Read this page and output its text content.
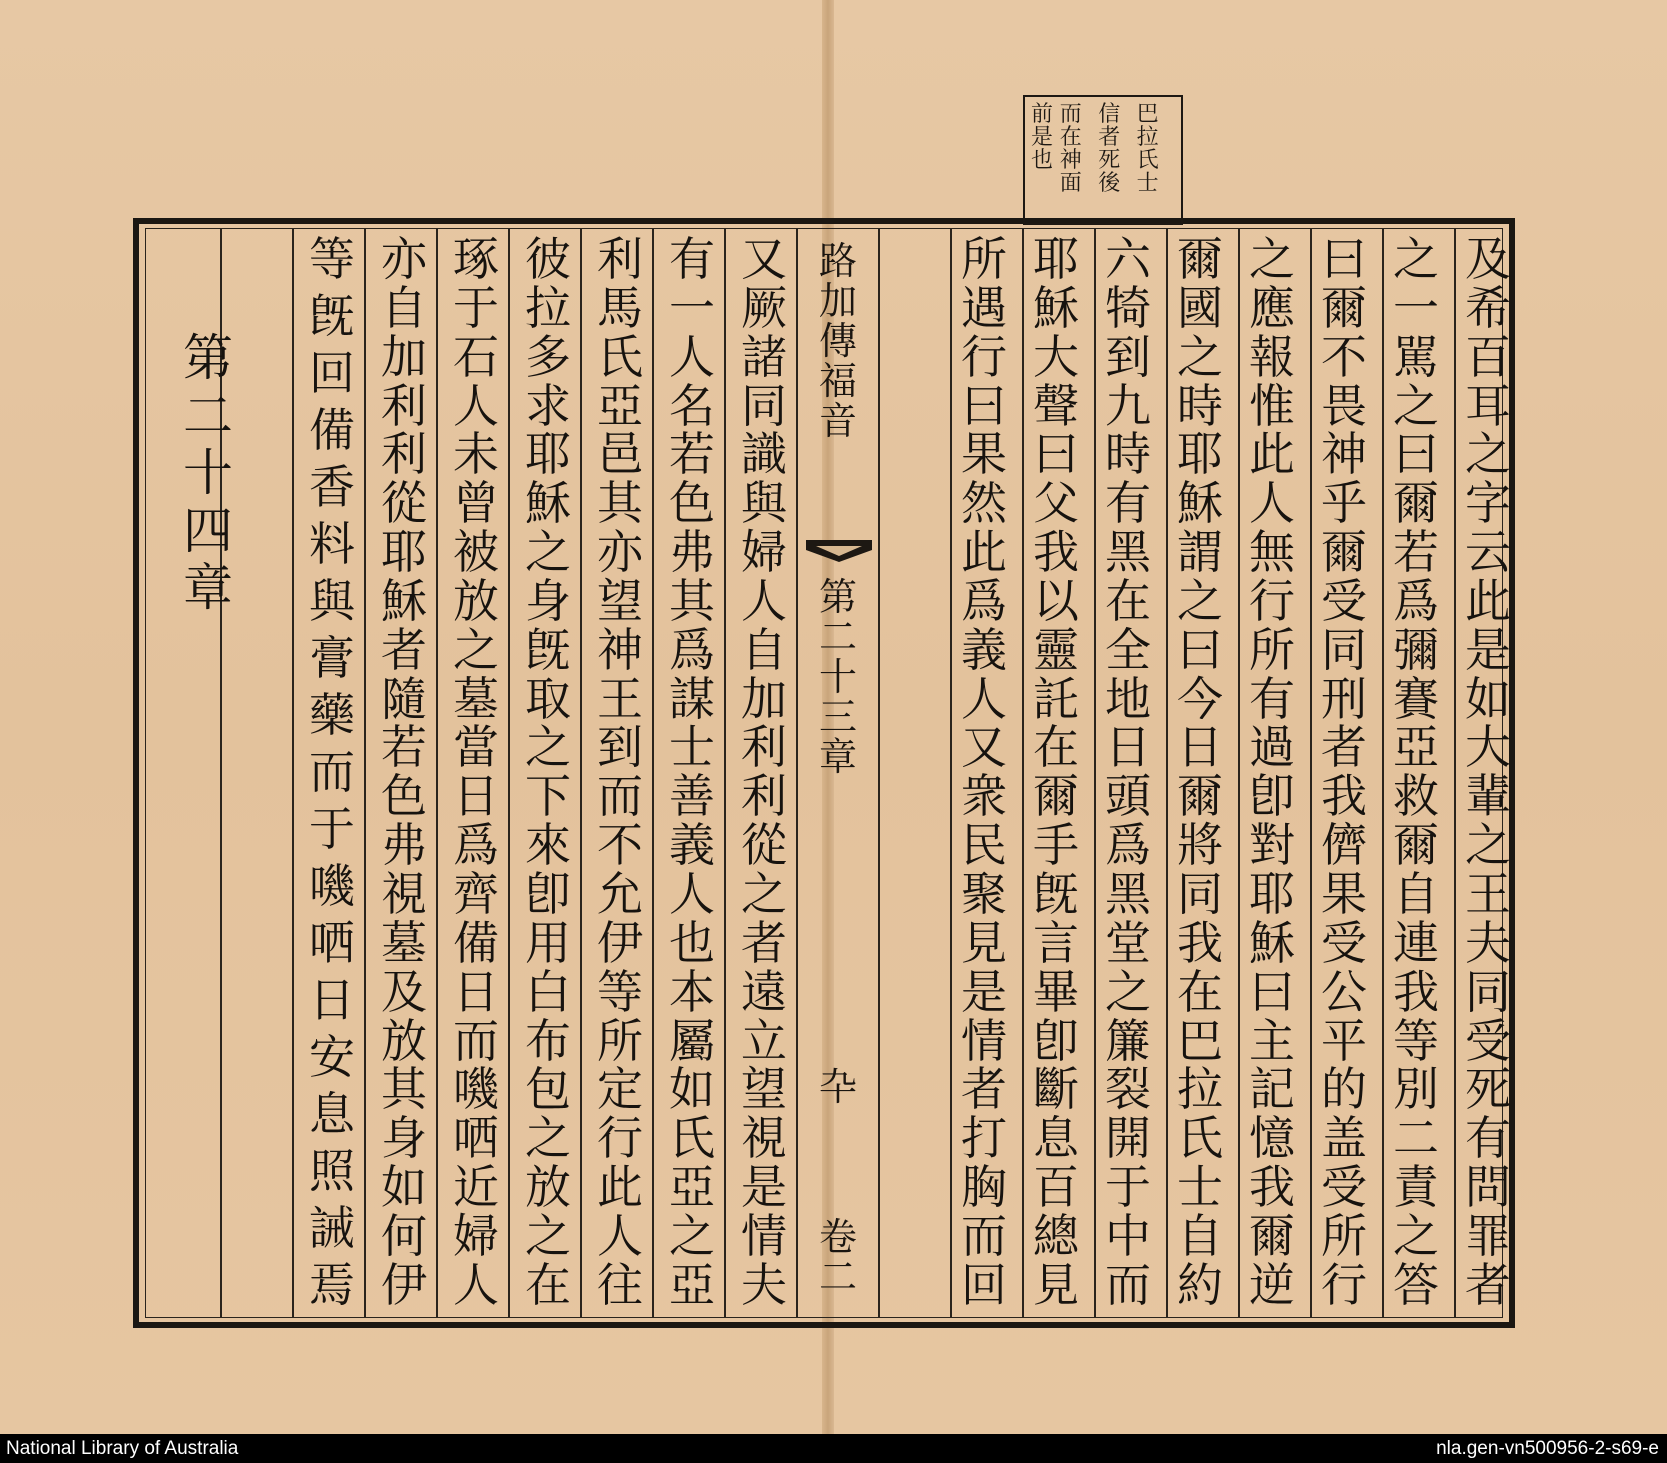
巴拉氏士
信者死後
而在神面
前是也
及
希
百
耳
之
字
云
此
是
如
大
輩
之
王
夫
同
受
死
有
問
罪
者
之
一
駡
之
曰
爾
若
爲
彌
賽
亞
救
爾
自
連
我
等
別
二
責
之
答
曰
爾
不
畏
神
乎
爾
受
同
刑
者
我
儕
果
受
公
平
的
盖
受
所
行
之
應
報
惟
此
人
無
行
所
有
過
卽
對
耶
穌
曰
主
記
憶
我
爾
逆
爾
國
之
時
耶
穌
謂
之
曰
今
日
爾
將
同
我
在
巴
拉
氏
士
自
約
六
犄
到
九
時
有
黑
在
全
地
日
頭
爲
黑
堂
之
簾
裂
開
于
中
而
耶
穌
大
聲
曰
父
我
以
靈
託
在
爾
手
旣
言
畢
卽
斷
息
百
總
見
所
遇
行
曰
果
然
此
爲
義
人
又
衆
民
聚
見
是
情
者
打
胸
而
回
又
厥
諸
同
識
與
婦
人
自
加
利
利
從
之
者
遠
立
望
視
是
情
夫
有
一
人
名
若
色
弗
其
爲
謀
士
善
義
人
也
本
屬
如
氏
亞
之
亞
利
馬
氏
亞
邑
其
亦
望
神
王
到
而
不
允
伊
等
所
定
行
此
人
往
彼
拉
多
求
耶
穌
之
身
旣
取
之
下
來
卽
用
白
布
包
之
放
之
在
琢
于
石
人
未
曾
被
放
之
墓
當
日
爲
齊
備
日
而
嘰
哂
近
婦
人
亦
自
加
利
利
從
耶
穌
者
隨
若
色
弗
視
墓
及
放
其
身
如
何
伊
等
旣
回
備
香
料
與
膏
藥
而
于
嘰
哂
日
安
息
照
誡
焉
第
二
十
四
章
路
加
傳
福
音
第
二
十
三
章
卆
卷
二
National Library of Australia	nla.gen-vn500956-2-s69-e
